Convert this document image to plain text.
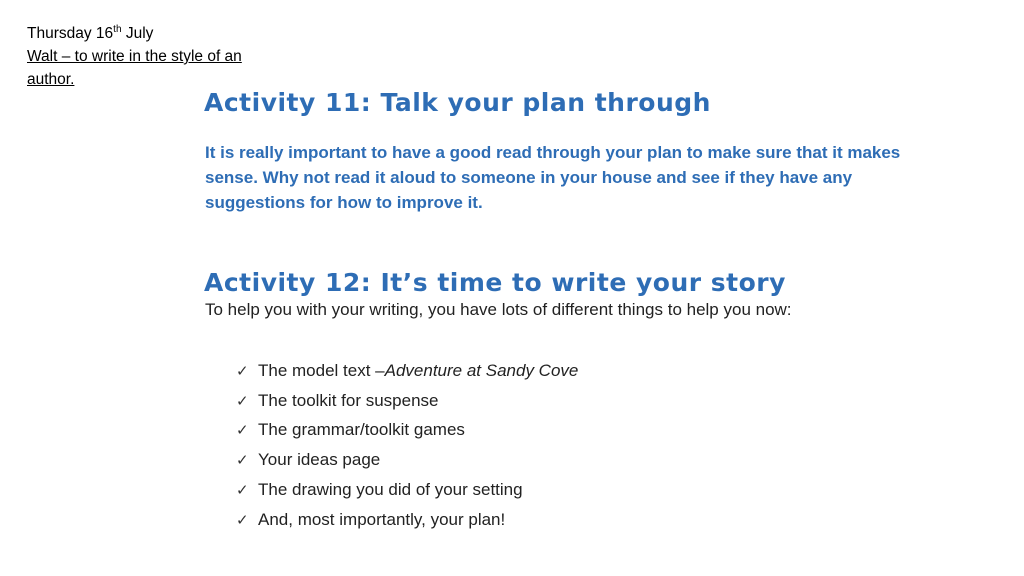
Thursday 16th July
Walt – to write in the style of an
author.
Activity 11: Talk your plan through
It is really important to have a good read through your plan to make sure that it makes sense. Why not read it aloud to someone in your house and see if they have any suggestions for how to improve it.
Activity 12: It’s time to write your story
To help you with your writing, you have lots of different things to help you now:
✓ The model text – Adventure at Sandy Cove
✓ The toolkit for suspense
✓ The grammar/toolkit games
✓ Your ideas page
✓ The drawing you did of your setting
✓ And, most importantly, your plan!
